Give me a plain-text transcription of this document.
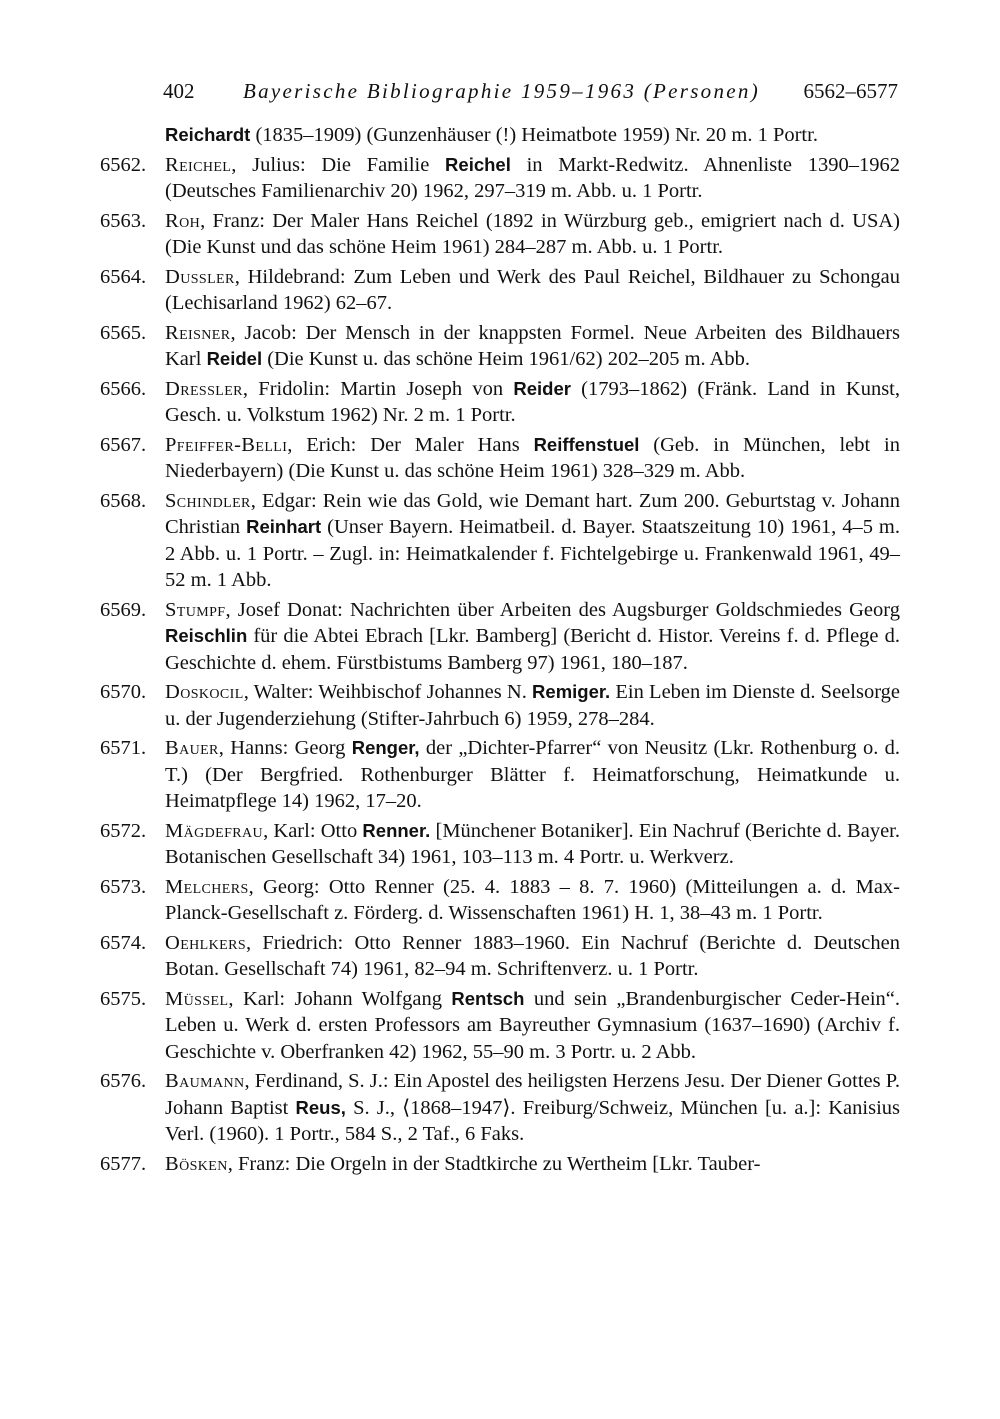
402 Bayerische Bibliographie 1959–1963 (Personen) 6562–6577
Reichardt (1835–1909) (Gunzenhäuser (!) Heimatbote 1959) Nr. 20 m. 1 Portr.
6562. Reichel, Julius: Die Familie Reichel in Markt-Redwitz. Ahnenliste 1390–1962 (Deutsches Familienarchiv 20) 1962, 297–319 m. Abb. u. 1 Portr.
6563. Roh, Franz: Der Maler Hans Reichel (1892 in Würzburg geb., emigriert nach d. USA) (Die Kunst und das schöne Heim 1961) 284–287 m. Abb. u. 1 Portr.
6564. Dussler, Hildebrand: Zum Leben und Werk des Paul Reichel, Bildhauer zu Schongau (Lechisarland 1962) 62–67.
6565. Reisner, Jacob: Der Mensch in der knappsten Formel. Neue Arbeiten des Bildhauers Karl Reidel (Die Kunst u. das schöne Heim 1961/62) 202–205 m. Abb.
6566. Dressler, Fridolin: Martin Joseph von Reider (1793–1862) (Fränk. Land in Kunst, Gesch. u. Volkstum 1962) Nr. 2 m. 1 Portr.
6567. Pfeiffer-Belli, Erich: Der Maler Hans Reiffenstuel (Geb. in München, lebt in Niederbayern) (Die Kunst u. das schöne Heim 1961) 328–329 m. Abb.
6568. Schindler, Edgar: Rein wie das Gold, wie Demant hart. Zum 200. Geburtstag v. Johann Christian Reinhart (Unser Bayern. Heimatbeil. d. Bayer. Staatszeitung 10) 1961, 4–5 m. 2 Abb. u. 1 Portr. – Zugl. in: Heimatkalender f. Fichtelgebirge u. Frankenwald 1961, 49–52 m. 1 Abb.
6569. Stumpf, Josef Donat: Nachrichten über Arbeiten des Augsburger Goldschmiedes Georg Reischlin für die Abtei Ebrach [Lkr. Bamberg] (Bericht d. Histor. Vereins f. d. Pflege d. Geschichte d. ehem. Fürstbistums Bamberg 97) 1961, 180–187.
6570. Doskocil, Walter: Weihbischof Johannes N. Remiger. Ein Leben im Dienste d. Seelsorge u. der Jugenderziehung (Stifter-Jahrbuch 6) 1959, 278–284.
6571. Bauer, Hanns: Georg Renger, der „Dichter-Pfarrer“ von Neusitz (Lkr. Rothenburg o. d. T.) (Der Bergfried. Rothenburger Blätter f. Heimatforschung, Heimatkunde u. Heimatpflege 14) 1962, 17–20.
6572. Mägdefrau, Karl: Otto Renner. [Münchener Botaniker]. Ein Nachruf (Berichte d. Bayer. Botanischen Gesellschaft 34) 1961, 103–113 m. 4 Portr. u. Werkverz.
6573. Melchers, Georg: Otto Renner (25. 4. 1883 – 8. 7. 1960) (Mitteilungen a. d. Max-Planck-Gesellschaft z. Förderg. d. Wissenschaften 1961) H. 1, 38–43 m. 1 Portr.
6574. Oehlkers, Friedrich: Otto Renner 1883–1960. Ein Nachruf (Berichte d. Deutschen Botan. Gesellschaft 74) 1961, 82–94 m. Schriftenverz. u. 1 Portr.
6575. Müssel, Karl: Johann Wolfgang Rentsch und sein „Brandenburgischer Ceder-Hein“. Leben u. Werk d. ersten Professors am Bayreuther Gymnasium (1637–1690) (Archiv f. Geschichte v. Oberfranken 42) 1962, 55–90 m. 3 Portr. u. 2 Abb.
6576. Baumann, Ferdinand, S. J.: Ein Apostel des heiligsten Herzens Jesu. Der Diener Gottes P. Johann Baptist Reus, S. J., ⟨1868–1947⟩. Freiburg/Schweiz, München [u. a.]: Kanisius Verl. (1960). 1 Portr., 584 S., 2 Taf., 6 Faks.
6577. Bösken, Franz: Die Orgeln in der Stadtkirche zu Wertheim [Lkr. Tauber-
